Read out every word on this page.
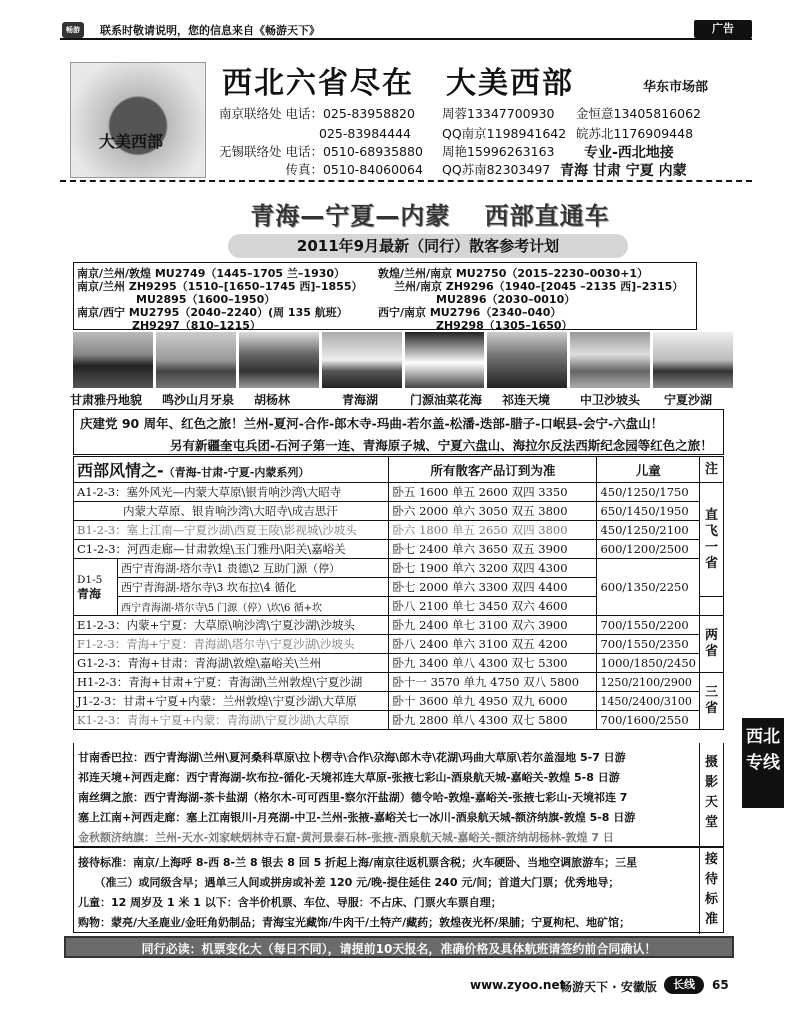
畅游	联系时敬请说明，您的信息来自《畅游天下》	广告
大美西部
西北六省尽在　大美西部	华东市场部
南京联络处 电话：025-83958820 周蓉13347700930 金恒意13405816062
　　　　　　　　025-83984444 QQ南京1198941642 皖苏北1176909448
无锡联络处 电话：0510-68935880 周艳15996263163
　　　　　 传真：0510-84060064 QQ苏南82303497
专业-西北地接
青海 甘肃 宁夏 内蒙
青海—宁夏—内蒙　 西部直通车
2011年9月最新（同行）散客参考计划
南京/兰州/敦煌 MU2749（1445–1705 兰–1930）	敦煌/兰州/南京 MU2750（2015–2230–0030+1）
南京/兰州 ZH9295（1510–[1650–1745 西]–1855）	兰州/南京 ZH9296（1940–[2045 –2135 西]–2315）
MU2895（1600–1950）	MU2896（2030–0010）
南京/西宁 MU2795（2040–2240）(周 135 航班）	西宁/南京 MU2796（2340–040）
ZH9297（810–1215）	ZH9298（1305–1650）
甘肃雅丹地貌 鸣沙山月牙泉 胡杨林	青海湖	门源油菜花海 祁连天境 中卫沙坡头 宁夏沙湖
庆建党 90 周年、红色之旅！兰州-夏河-合作-郎木寺-玛曲-若尔盖-松潘-迭部-腊子-口岷县-会宁-六盘山！
另有新疆奎屯兵团-石河子第一连、青海原子城、宁夏六盘山、海拉尔反法西斯纪念园等红色之旅！
西部风情之-（青海-甘肃-宁夏-内蒙系列）		所有散客产品订到为准	儿童	注
A1-2-3：塞外风光—内蒙大草原\银肯响沙湾\大昭寺		卧五 1600 单五 2600 双四 3350	450/1250/1750	直飞一省
　　　　内蒙大草原、银肯响沙湾\大昭寺\成吉思汗		卧六 2000 单六 3050 双五 3800	650/1450/1950	
B1-2-3：塞上江南—宁夏沙湖\西夏王陵\影视城\沙坡头		卧六 1800 单五 2650 双四 3800	450/1250/2100	
C1-2-3：河西走廊—甘肃敦煌\玉门雅丹\阳关\嘉峪关		卧七 2400 单六 3650 双五 3900	600/1200/2500	

D1-5
青海	西宁青海湖-塔尔寺\1 贵德\2 互助门源（停）	卧七 1900 单六 3200 双四 4300	600/1350/2250	
	西宁青海湖-塔尔寺\3 坎布拉\4 循化	卧七 2000 单六 3300 双四 4400		
	西宁青海湖-塔尔寺\5 门源（停）\坎\6 循+坎	卧八 2100 单七 3450 双六 4600		
E1-2-3：内蒙+宁夏：大草原\响沙湾\宁夏沙湖\沙坡头		卧九 2400 单七 3100 双六 3900	700/1550/2200	两省
F1-2-3：青海+宁夏：青海湖\塔尔寺\宁夏沙湖\沙坡头		卧八 2400 单六 3100 双五 4200	700/1550/2350	
G1-2-3：青海+甘肃：青海湖\敦煌\嘉峪关\兰州		卧九 3400 单八 4300 双七 5300	1000/1850/2450	
H1-2-3：青海+甘肃+宁夏：青海湖\兰州敦煌\宁夏沙湖		卧十一 3570 单九 4750 双八 5800	1250/2100/2900	三省
J1-2-3：甘肃+宁夏+内蒙：兰州敦煌\宁夏沙湖\大草原		卧十 3600 单九 4950 双九 6000	1450/2400/3100	
K1-2-3：青海+宁夏+内蒙：青海湖\宁夏沙湖\大草原		卧九 2800 单八 4300 双七 5800	700/1600/2550	
甘南香巴拉：西宁青海湖\兰州\夏河桑科草原\拉卜楞寺\合作\尕海\郎木寺\花湖\玛曲大草原\若尔盖湿地 5-7 日游
祁连天境+河西走廊：西宁青海湖-坎布拉-循化-天境祁连大草原-张掖七彩山-酒泉航天城-嘉峪关-敦煌 5-8 日游
南丝绸之旅：西宁青海湖-茶卡盐湖（格尔木-可可西里-察尔汗盐湖）德令哈-敦煌-嘉峪关-张掖七彩山-天境祁连 7
塞上江南+河西走廊：塞上江南银川-月亮湖-中卫-兰州-张掖-嘉峪关七一冰川-酒泉航天城-额济纳旗-敦煌 5-8 日游
金秋额济纳旗：兰州-天水-刘家峡炳林寺石窟-黄河景泰石林-张掖-酒泉航天城-嘉峪关-额济纳胡杨林-敦煌 7 日
摄影天堂
接待标准：南京/上海呼 8-西 8-兰 8 银去 8 回 5 折起上海/南京往返机票含税；火车硬卧、当地空调旅游车；三星
　　（准三）或同级含早；遇单三人间或拼房或补差 120 元/晚-提住延住 240 元/间；首道大门票；优秀地导；
儿童：12 周岁及 1 米 1 以下：含半价机票、车位、导服：不占床、门票火车票自理；
购物：蒙亮/大圣鹿业/金旺角奶制品；青海宝光藏饰/牛肉干/土特产/藏药；敦煌夜光杯/果脯；宁夏枸杞、地矿馆；
接待标准
同行必读：机票变化大（每日不同），请提前10天报名，准确价格及具体航班请签约前合同确认！
www.zyoo.net
畅游天下 · 安徽版	长线	65
西北专线
